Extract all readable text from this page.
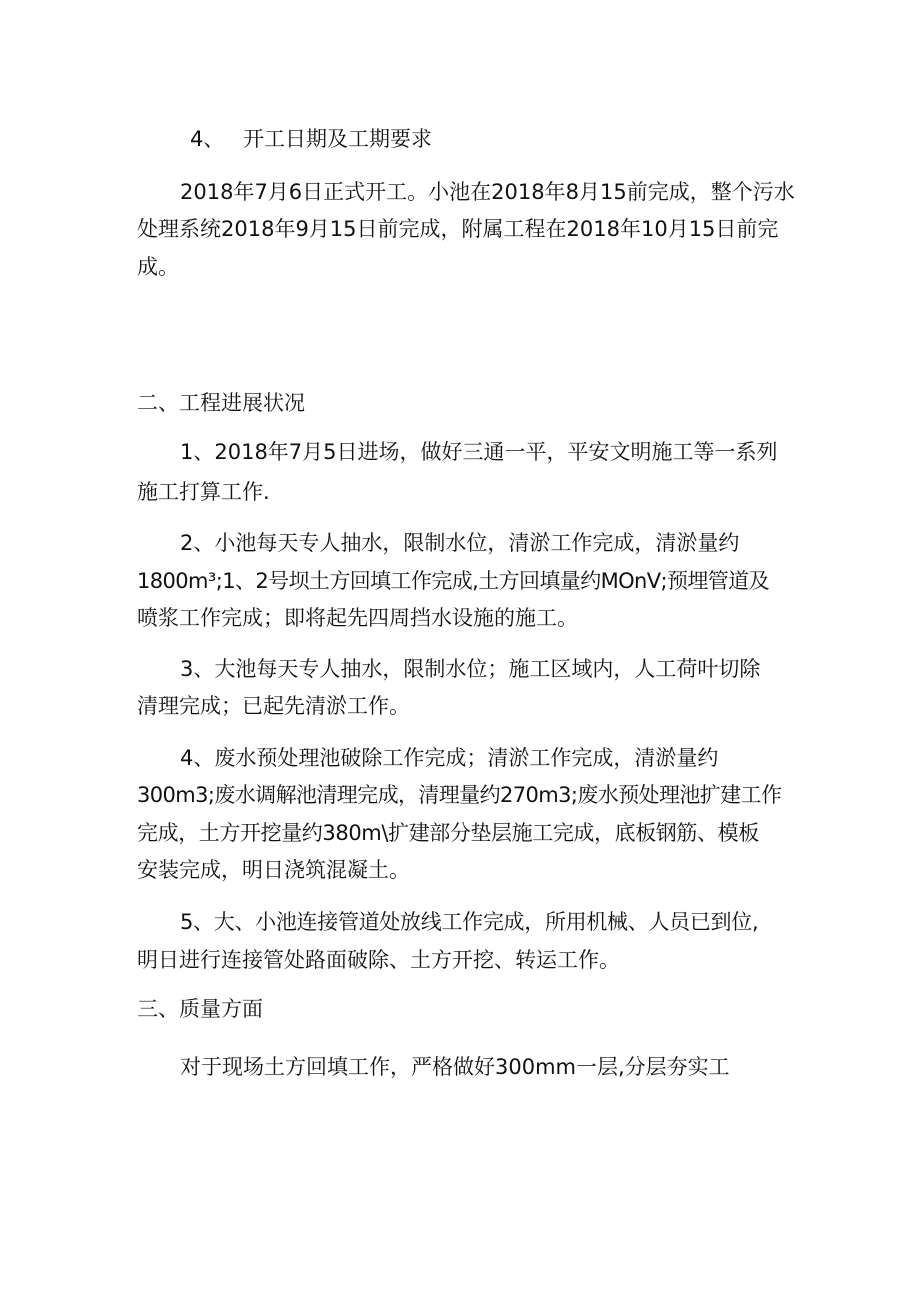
4、 开工日期及工期要求
2018年7月6日正式开工。小池在2018年8月15前完成，整个污水
处理系统2018年9月15日前完成，附属工程在2018年10月15日前完
成。
二、工程进展状况
1、2018年7月5日进场，做好三通一平，平安文明施工等一系列
施工打算工作.
2、小池每天专人抽水，限制水位，清淤工作完成，清淤量约
1800m³;1、2号坝土方回填工作完成,土方回填量约MOnV;预埋管道及
喷浆工作完成；即将起先四周挡水设施的施工。
3、大池每天专人抽水，限制水位；施工区域内，人工荷叶切除
清理完成；已起先清淤工作。
4、废水预处理池破除工作完成；清淤工作完成，清淤量约
300m3;废水调解池清理完成，清理量约270m3;废水预处理池扩建工作
完成，土方开挖量约380m\扩建部分垫层施工完成，底板钢筋、模板
安装完成，明日浇筑混凝土。
5、大、小池连接管道处放线工作完成，所用机械、人员已到位,
明日进行连接管处路面破除、土方开挖、转运工作。
三、质量方面
对于现场土方回填工作，严格做好300mm一层,分层夯实工
